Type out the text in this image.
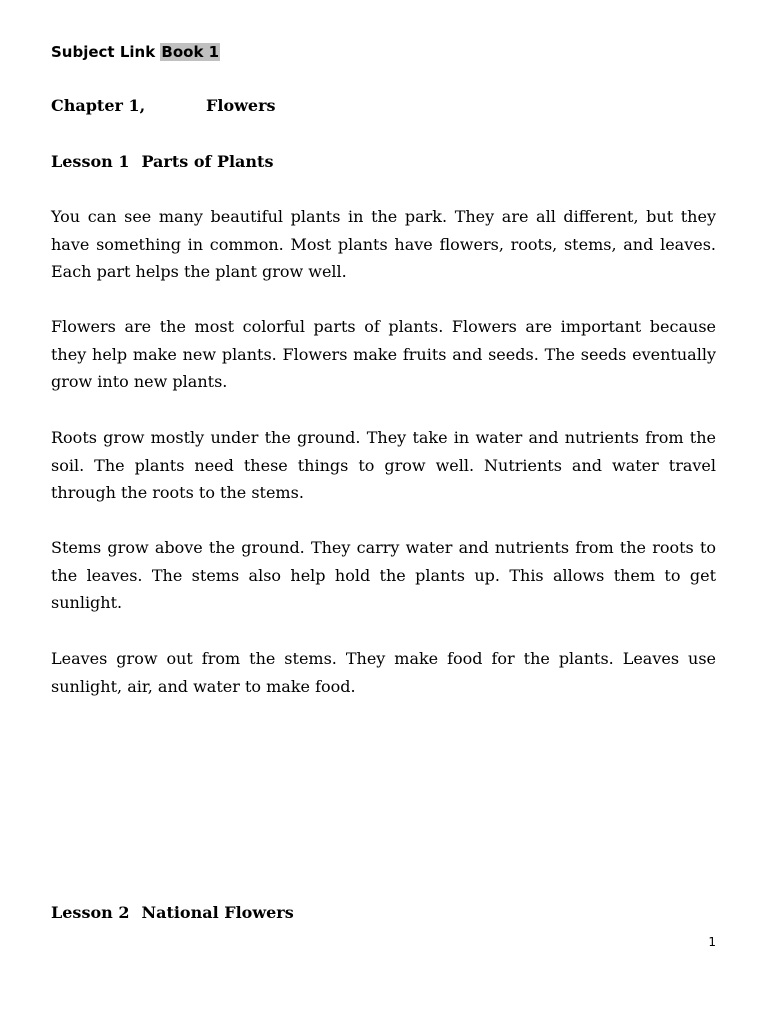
Subject Link Book 1
Chapter 1,	Flowers
Lesson 1 Parts of Plants

You can see many beautiful plants in the park. They are all different, but they have something in common. Most plants have flowers, roots, stems, and leaves. Each part helps the plant grow well.

Flowers are the most colorful parts of plants. Flowers are important because they help make new plants. Flowers make fruits and seeds. The seeds eventually grow into new plants.

Roots grow mostly under the ground. They take in water and nutrients from the soil. The plants need these things to grow well. Nutrients and water travel through the roots to the stems.

Stems grow above the ground. They carry water and nutrients from the roots to the leaves. The stems also help hold the plants up. This allows them to get sunlight.

Leaves grow out from the stems. They make food for the plants. Leaves use sunlight, air, and water to make food.

Lesson 2 National Flowers
1
